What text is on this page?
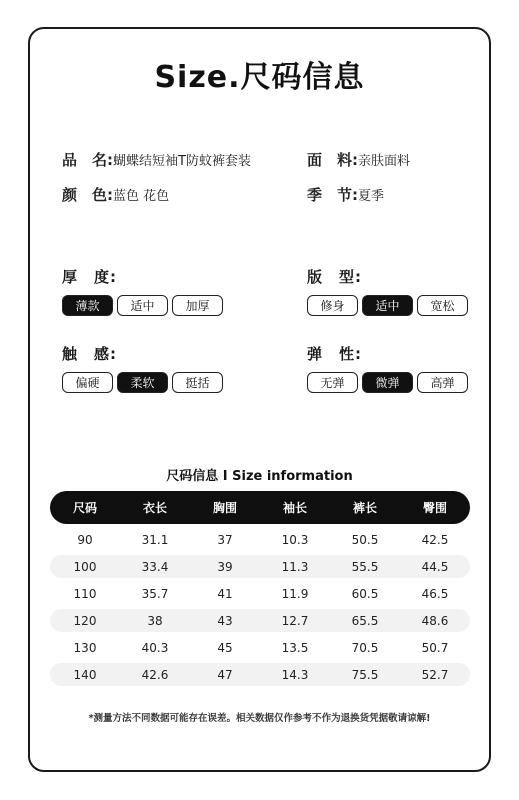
Size.尺码信息
品　名:蝴蝶结短袖T防蚊裤套装	面　料:亲肤面料
颜　色:蓝色 花色	季　节:夏季
厚　度:
薄款	适中	加厚
版　型:
修身	适中	宽松
触　感:
偏硬	柔软	挺括
弹　性:
无弹	微弹	高弹
尺码信息 I Size information
尺码	衣长	胸围	袖长	裤长	臀围
90	31.1	37	10.3	50.5	42.5
100	33.4	39	11.3	55.5	44.5
110	35.7	41	11.9	60.5	46.5
120	38	43	12.7	65.5	48.6
130	40.3	45	13.5	70.5	50.7
140	42.6	47	14.3	75.5	52.7
*测量方法不同数据可能存在误差。相关数据仅作参考不作为退换货凭据敬请谅解!
